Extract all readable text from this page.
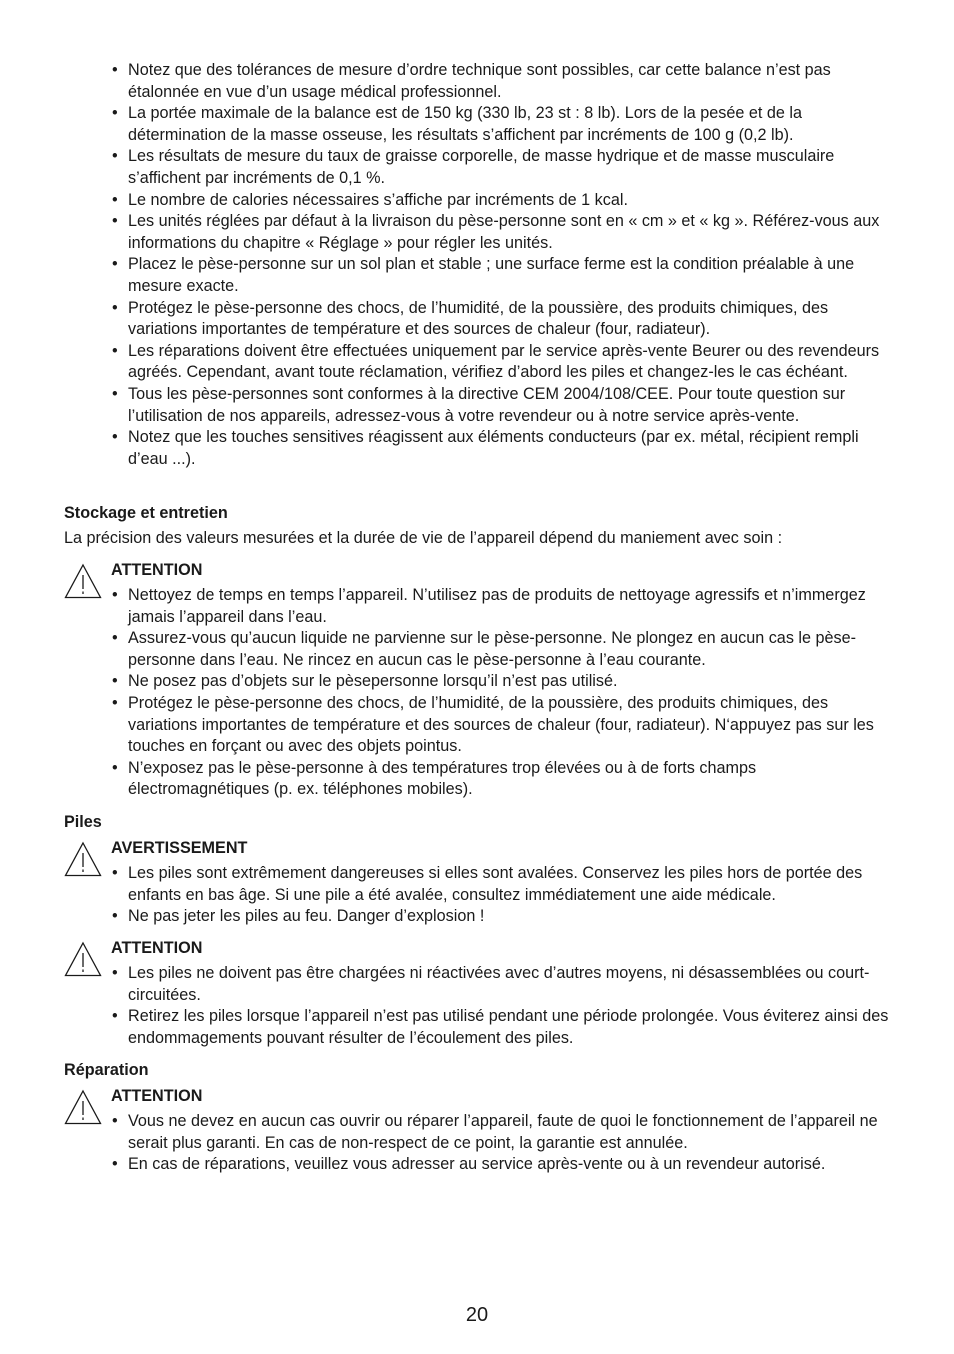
• Notez que des tolérances de mesure d’ordre technique sont possibles, car cette balance n’est pas étalonnée en vue d’un usage médical professionnel.
• La portée maximale de la balance est de 150 kg (330 lb, 23 st : 8 lb). Lors de la pesée et de la détermination de la masse osseuse, les résultats s’affichent par incréments de 100 g (0,2 lb).
• Les résultats de mesure du taux de graisse corporelle, de masse hydrique et de masse musculaire s’affichent par incréments de 0,1 %.
• Le nombre de calories nécessaires s’affiche par incréments de 1 kcal.
• Les unités réglées par défaut à la livraison du pèse-personne sont en « cm » et « kg ». Référez-vous aux informations du chapitre « Réglage » pour régler les unités.
• Placez le pèse-personne sur un sol plan et stable ; une surface ferme est la condition préalable à une mesure exacte.
• Protégez le pèse-personne des chocs, de l’humidité, de la poussière, des produits chimiques, des variations importantes de température et des sources de chaleur (four, radiateur).
• Les réparations doivent être effectuées uniquement par le service après-vente Beurer ou des revendeurs agréés. Cependant, avant toute réclamation, vérifiez d’abord les piles et changez-les le cas échéant.
• Tous les pèse-personnes sont conformes à la directive CEM 2004/108/CEE. Pour toute question sur l’utilisation de nos appareils, adressez-vous à votre revendeur ou à notre service après-vente.
• Notez que les touches sensitives réagissent aux éléments conducteurs (par ex. métal, récipient rempli d’eau ...).
Stockage et entretien
La précision des valeurs mesurées et la durée de vie de l’appareil dépend du maniement avec soin :
ATTENTION
• Nettoyez de temps en temps l’appareil. N’utilisez pas de produits de nettoyage agressifs et n’immergez jamais l’appareil dans l’eau.
• Assurez-vous qu’aucun liquide ne parvienne sur le pèse-personne. Ne plongez en aucun cas le pèse-personne dans l’eau. Ne rincez en aucun cas le pèse-personne à l’eau courante.
• Ne posez pas d’objets sur le pèsepersonne lorsqu’il n’est pas utilisé.
• Protégez le pèse-personne des chocs, de l’humidité, de la poussière, des produits chimiques, des variations importantes de température et des sources de chaleur (four, radiateur). N‘appuyez pas sur les touches en forçant ou avec des objets pointus.
• N’exposez pas le pèse-personne à des températures trop élevées ou à de forts champs électromagnétiques (p. ex. téléphones mobiles).
Piles
AVERTISSEMENT
• Les piles sont extrêmement dangereuses si elles sont avalées. Conservez les piles hors de portée des enfants en bas âge. Si une pile a été avalée, consultez immédiatement une aide médicale.
• Ne pas jeter les piles au feu. Danger d’explosion !
ATTENTION
• Les piles ne doivent pas être chargées ni réactivées avec d’autres moyens, ni désassemblées ou court-circuitées.
• Retirez les piles lorsque l’appareil n’est pas utilisé pendant une période prolongée. Vous éviterez ainsi des endommagements pouvant résulter de l’écoulement des piles.
Réparation
ATTENTION
• Vous ne devez en aucun cas ouvrir ou réparer l’appareil, faute de quoi le fonctionnement de l’appareil ne serait plus garanti. En cas de non-respect de ce point, la garantie est annulée.
• En cas de réparations, veuillez vous adresser au service après-vente ou à un revendeur autorisé.
20
